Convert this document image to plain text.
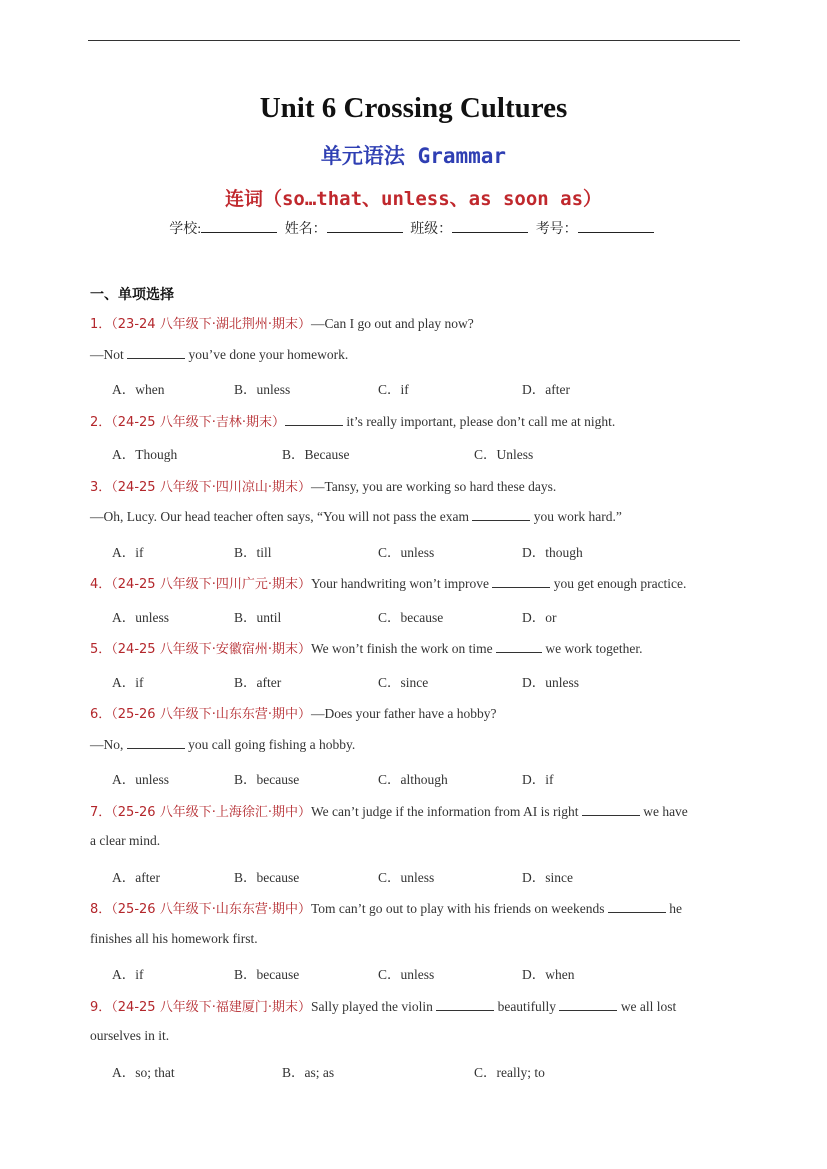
Unit 6 Crossing Cultures
单元语法 Grammar
连词（so…that、unless、as soon as）
学校:	姓名：	班级：	考号：
一、单项选择
1．（23-24 八年级下·湖北荆州·期末）—Can I go out and play now?
—Not	you’ve done your homework.
A．when	B．unless	C．if	D．after
2．（24-25 八年级下·吉林·期末）	it’s really important, please don’t call me at night.
A．Though	B．Because	C．Unless
3．（24-25 八年级下·四川凉山·期末）—Tansy, you are working so hard these days.
—Oh, Lucy. Our head teacher often says, “You will not pass the exam	you work hard.”
A．if	B．till	C．unless	D．though
4．（24-25 八年级下·四川广元·期末）Your handwriting won’t improve	you get enough practice.
A．unless	B．until	C．because	D．or
5．（24-25 八年级下·安徽宿州·期末）We won’t finish the work on time	we work together.
A．if	B．after	C．since	D．unless
6．（25-26 八年级下·山东东营·期中）—Does your father have a hobby?
—No,	you call going fishing a hobby.
A．unless	B．because	C．although	D．if
7．（25-26 八年级下·上海徐汇·期中）We can’t judge if the information from AI is right	we have
a clear mind.
A．after	B．because	C．unless	D．since
8．（25-26 八年级下·山东东营·期中）Tom can’t go out to play with his friends on weekends	he
finishes all his homework first.
A．if	B．because	C．unless	D．when
9．（24-25 八年级下·福建厦门·期末）Sally played the violin	beautifully	we all lost
ourselves in it.
A．so; that	B．as; as	C．really; to
